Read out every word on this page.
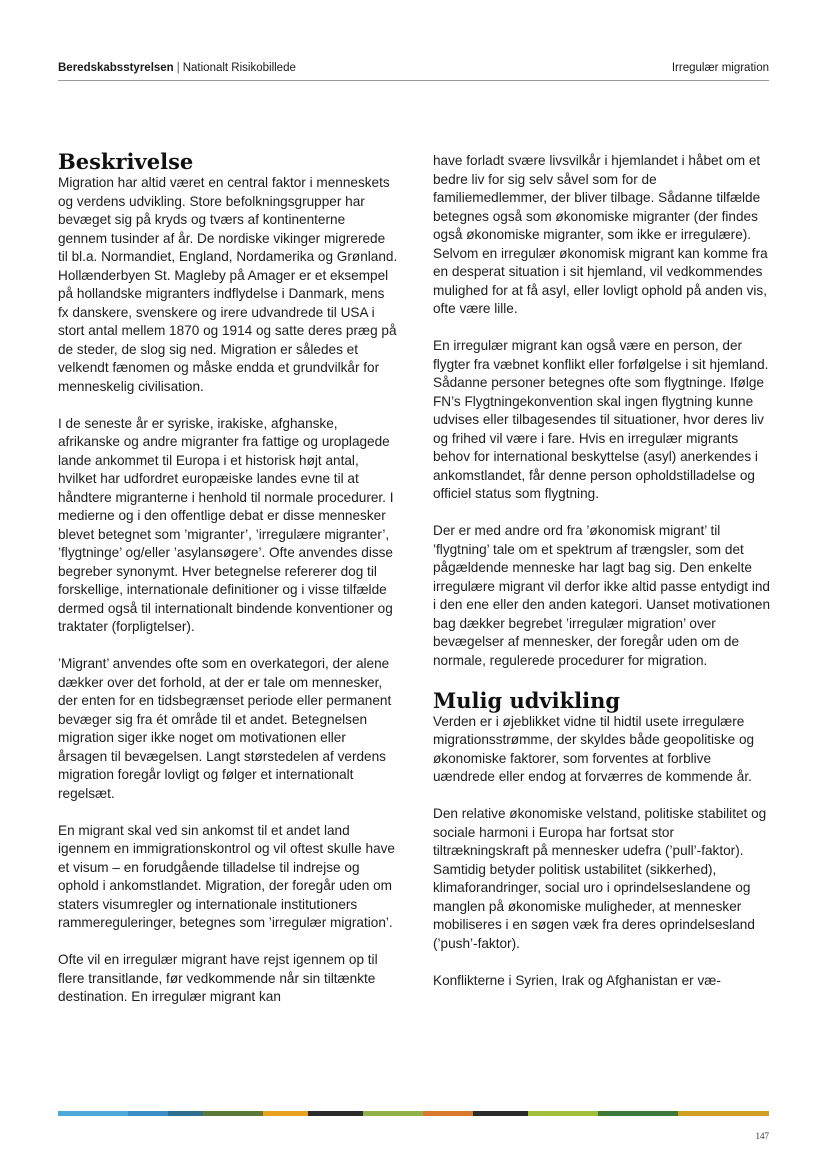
Beredskabsstyrelsen | Nationalt Risikobillede	Irregulær migration
Beskrivelse

Migration har altid været en central faktor i menneskets og verdens udvikling. Store befolkningsgrupper har bevæget sig på kryds og tværs af kontinenterne gennem tusinder af år. De nordiske vikinger migrerede til bl.a. Normandiet, England, Nordamerika og Grønland. Hollænderbyen St. Magleby på Amager er et eksempel på hollandske migranters indflydelse i Danmark, mens fx danskere, svenskere og irere udvandrede til USA i stort antal mellem 1870 og 1914 og satte deres præg på de steder, de slog sig ned. Migration er således et velkendt fænomen og måske endda et grundvilkår for menneskelig civilisation.

I de seneste år er syriske, irakiske, afghanske, afrikanske og andre migranter fra fattige og uroplagede lande ankommet til Europa i et historisk højt antal, hvilket har udfordret europæiske landes evne til at håndtere migranterne i henhold til normale procedurer. I medierne og i den offentlige debat er disse mennesker blevet betegnet som ’migranter’, ’irregulære migranter’, ’flygtninge’ og/eller ’asylansøgere’. Ofte anvendes disse begreber synonymt. Hver betegnelse refererer dog til forskellige, internationale definitioner og i visse tilfælde dermed også til internationalt bindende konventioner og traktater (forpligtelser).

’Migrant’ anvendes ofte som en overkategori, der alene dækker over det forhold, at der er tale om mennesker, der enten for en tidsbegrænset periode eller permanent bevæger sig fra ét område til et andet. Betegnelsen migration siger ikke noget om motivationen eller årsagen til bevægelsen. Langt størstedelen af verdens migration foregår lovligt og følger et internationalt regelsæt.

En migrant skal ved sin ankomst til et andet land igennem en immigrationskontrol og vil oftest skulle have et visum – en forudgående tilladelse til indrejse og ophold i ankomstlandet. Migration, der foregår uden om staters visumregler og internationale institutioners rammereguleringer, betegnes som ’irregulær migration’.

Ofte vil en irregulær migrant have rejst igennem op til flere transitlande, før vedkommende når sin tiltænkte destination. En irregulær migrant kan

have forladt svære livsvilkår i hjemlandet i håbet om et bedre liv for sig selv såvel som for de familiemedlemmer, der bliver tilbage. Sådanne tilfælde betegnes også som økonomiske migranter (der findes også økonomiske migranter, som ikke er irregulære). Selvom en irregulær økonomisk migrant kan komme fra en desperat situation i sit hjemland, vil vedkommendes mulighed for at få asyl, eller lovligt ophold på anden vis, ofte være lille.

En irregulær migrant kan også være en person, der flygter fra væbnet konflikt eller forfølgelse i sit hjemland. Sådanne personer betegnes ofte som flygtninge. Ifølge FN’s Flygtningekonvention skal ingen flygtning kunne udvises eller tilbagesendes til situationer, hvor deres liv og frihed vil være i fare. Hvis en irregulær migrants behov for international beskyttelse (asyl) anerkendes i ankomstlandet, får denne person opholdstilladelse og officiel status som flygtning.

Der er med andre ord fra ’økonomisk migrant’ til ’flygtning’ tale om et spektrum af trængsler, som det pågældende menneske har lagt bag sig. Den enkelte irregulære migrant vil derfor ikke altid passe entydigt ind i den ene eller den anden kategori. Uanset motivationen bag dækker begrebet ’irregulær migration’ over bevægelser af mennesker, der foregår uden om de normale, regulerede procedurer for migration.

Mulig udvikling

Verden er i øjeblikket vidne til hidtil usete irregulære migrationsstrømme, der skyldes både geopolitiske og økonomiske faktorer, som forventes at forblive uændrede eller endog at forværres de kommende år.

Den relative økonomiske velstand, politiske stabilitet og sociale harmoni i Europa har fortsat stor tiltrækningskraft på mennesker udefra (’pull’-faktor). Samtidig betyder politisk ustabilitet (sikkerhed), klimaforandringer, social uro i oprindelseslandene og manglen på økonomiske muligheder, at mennesker mobiliseres i en søgen væk fra deres oprindelsesland (’push’-faktor).

Konflikterne i Syrien, Irak og Afghanistan er væ-

147
